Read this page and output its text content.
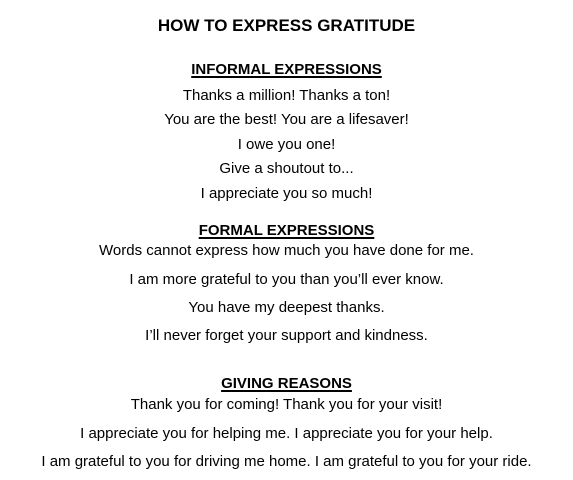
HOW TO EXPRESS GRATITUDE
INFORMAL EXPRESSIONS
Thanks a million! Thanks a ton!
You are the best! You are a lifesaver!
I owe you one!
Give a shoutout to...
I appreciate you so much!
FORMAL EXPRESSIONS
Words cannot express how much you have done for me.
I am more grateful to you than you’ll ever know.
You have my deepest thanks.
I’ll never forget your support and kindness.
GIVING REASONS
Thank you for coming! Thank you for your visit!
I appreciate you for helping me. I appreciate you for your help.
I am grateful to you for driving me home. I am grateful to you for your ride.
